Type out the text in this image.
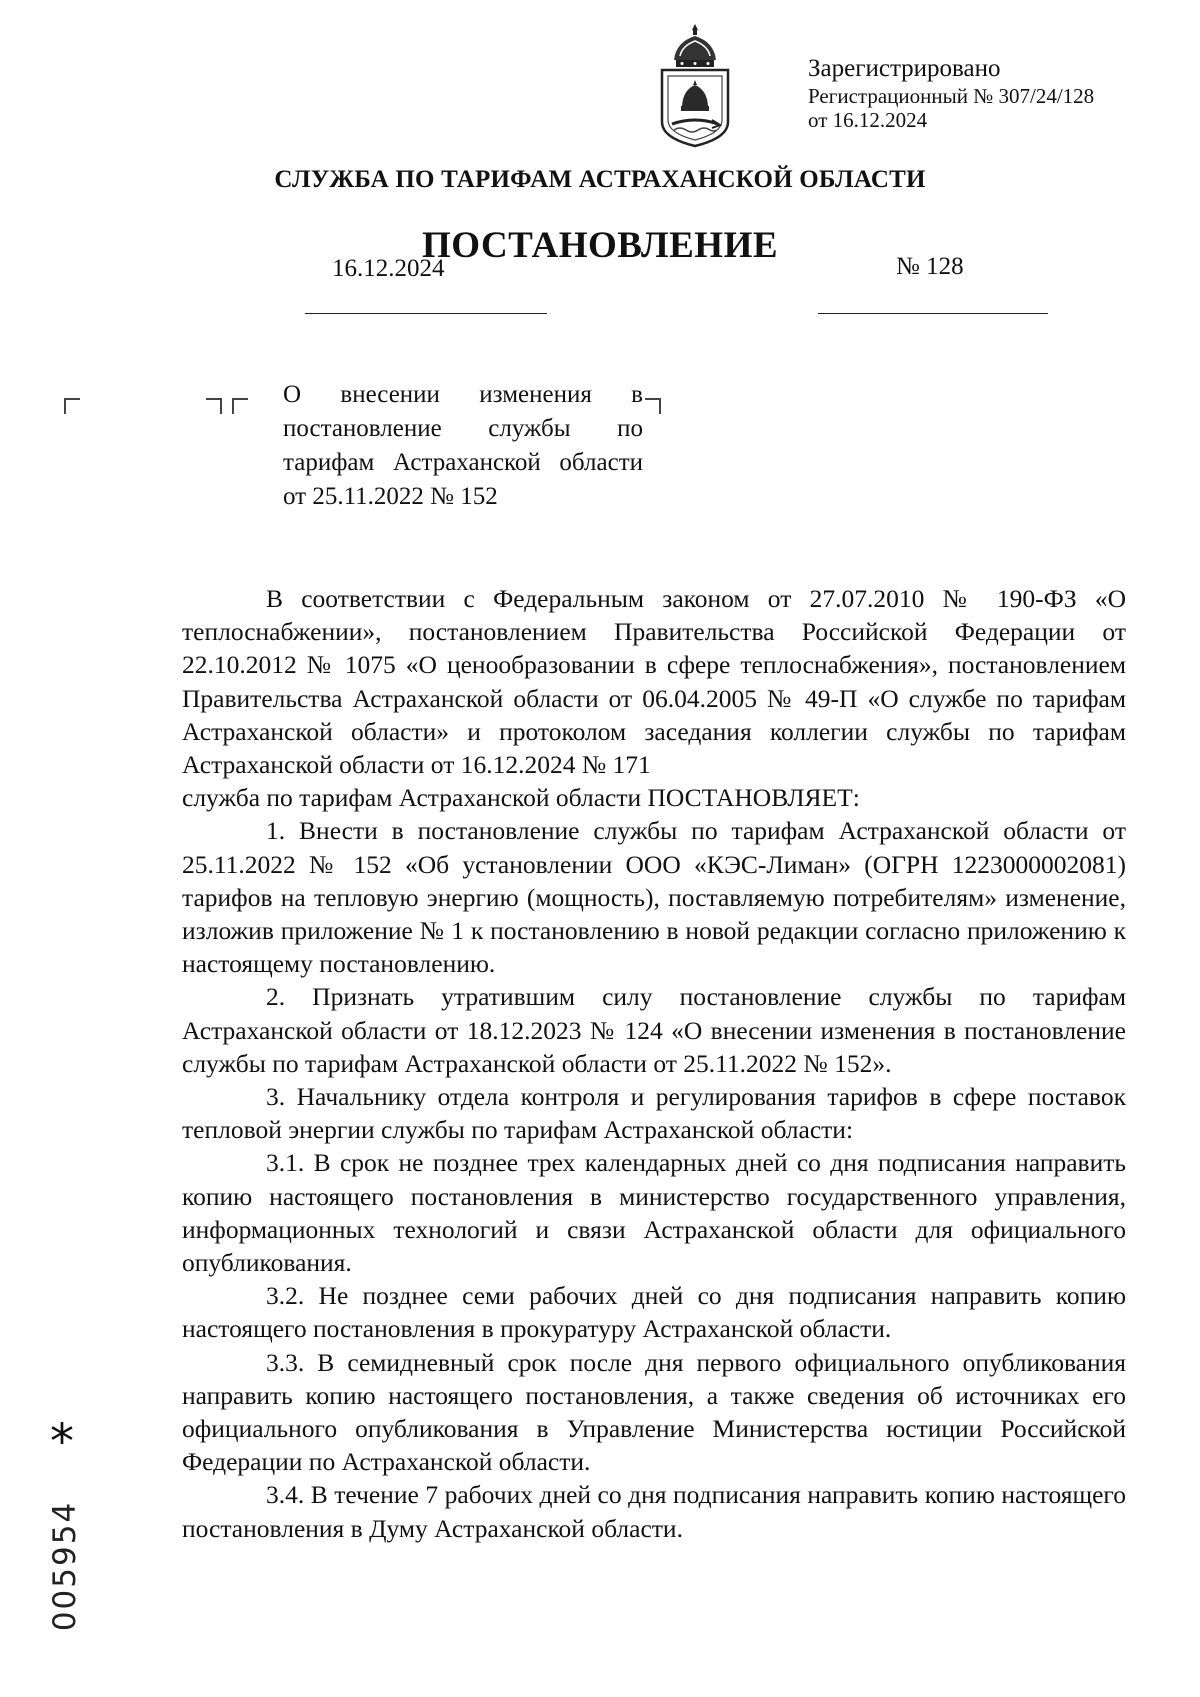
Зарегистрировано
Регистрационный № 307/24/128
от 16.12.2024
СЛУЖБА ПО ТАРИФАМ АСТРАХАНСКОЙ ОБЛАСТИ
ПОСТАНОВЛЕНИЕ
16.12.2024	№ 128
О внесении изменения в постановление службы по тарифам Астраханской области от 25.11.2022 № 152

В соответствии с Федеральным законом от 27.07.2010 № 190-ФЗ «О теплоснабжении», постановлением Правительства Российской Федерации от 22.10.2012 № 1075 «О ценообразовании в сфере теплоснабжения», постановлением Правительства Астраханской области от 06.04.2005 № 49-П «О службе по тарифам Астраханской области» и протоколом заседания коллегии службы по тарифам Астраханской области от 16.12.2024 № 171

служба по тарифам Астраханской области ПОСТАНОВЛЯЕТ:

1. Внести в постановление службы по тарифам Астраханской области от 25.11.2022 № 152 «Об установлении ООО «КЭС-Лиман» (ОГРН 1223000002081) тарифов на тепловую энергию (мощность), поставляемую потребителям» изменение, изложив приложение № 1 к постановлению в новой редакции согласно приложению к настоящему постановлению.

2. Признать утратившим силу постановление службы по тарифам Астраханской области от 18.12.2023 № 124 «О внесении изменения в постановление службы по тарифам Астраханской области от 25.11.2022 № 152».

3. Начальнику отдела контроля и регулирования тарифов в сфере поставок тепловой энергии службы по тарифам Астраханской области:

3.1. В срок не позднее трех календарных дней со дня подписания направить копию настоящего постановления в министерство государственного управления, информационных технологий и связи Астраханской области для официального опубликования.

3.2. Не позднее семи рабочих дней со дня подписания направить копию настоящего постановления в прокуратуру Астраханской области.

3.3. В семидневный срок после дня первого официального опубликования направить копию настоящего постановления, а также сведения об источниках его официального опубликования в Управление Министерства юстиции Российской Федерации по Астраханской области.

3.4. В течение 7 рабочих дней со дня подписания направить копию настоящего постановления в Думу Астраханской области.

*
005954
